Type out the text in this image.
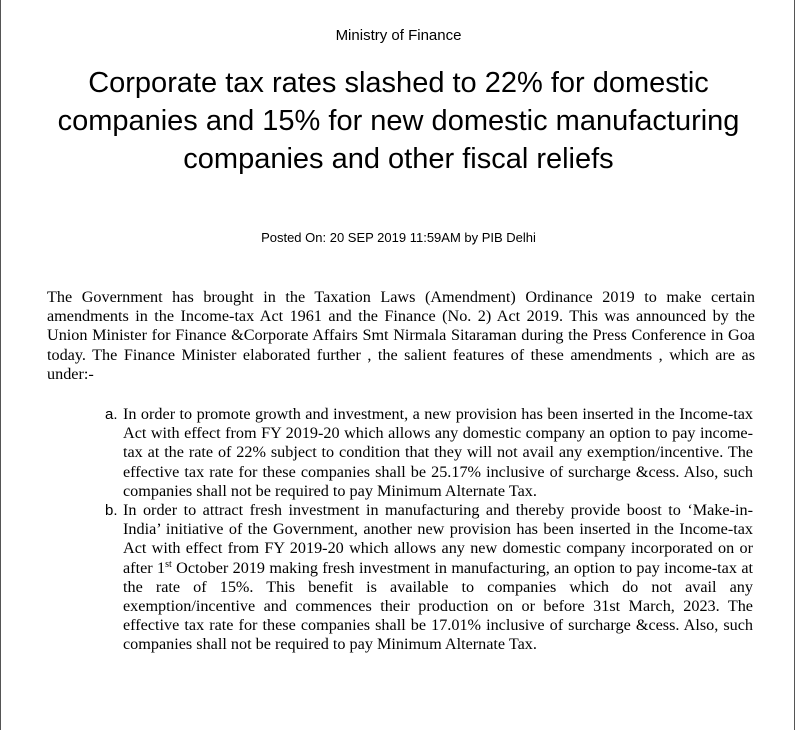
Ministry of Finance
Corporate tax rates slashed to 22% for domestic companies and 15% for new domestic manufacturing companies and other fiscal reliefs
Posted On: 20 SEP 2019 11:59AM by PIB Delhi

The Government has brought in the Taxation Laws (Amendment) Ordinance 2019 to make certain amendments in the Income-tax Act 1961 and the Finance (No. 2) Act 2019. This was announced by the Union Minister for Finance &Corporate Affairs Smt Nirmala Sitaraman during the Press Conference in Goa today. The Finance Minister elaborated further , the salient features of these amendments , which are as under:-

a. In order to promote growth and investment, a new provision has been inserted in the Income-tax Act with effect from FY 2019-20 which allows any domestic company an option to pay income-tax at the rate of 22% subject to condition that they will not avail any exemption/incentive. The effective tax rate for these companies shall be 25.17% inclusive of surcharge &cess. Also, such companies shall not be required to pay Minimum Alternate Tax.
b. In order to attract fresh investment in manufacturing and thereby provide boost to ‘Make-in-India’ initiative of the Government, another new provision has been inserted in the Income-tax Act with effect from FY 2019-20 which allows any new domestic company incorporated on or after 1st October 2019 making fresh investment in manufacturing, an option to pay income-tax at the rate of 15%. This benefit is available to companies which do not avail any exemption/incentive and commences their production on or before 31st March, 2023. The effective tax rate for these companies shall be 17.01% inclusive of surcharge &cess. Also, such companies shall not be required to pay Minimum Alternate Tax.
